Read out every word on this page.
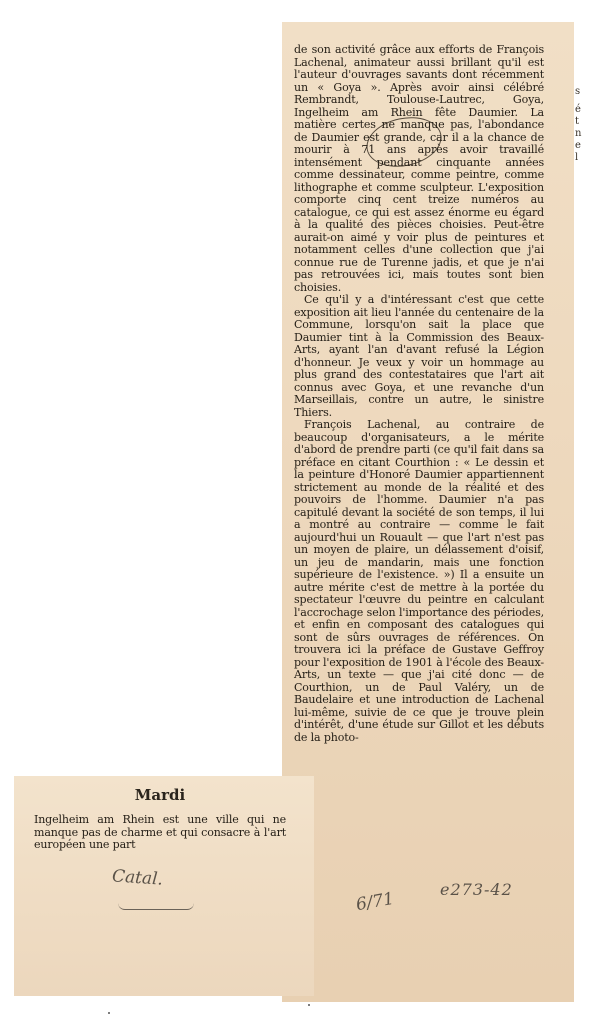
de son activité grâce aux efforts de François Lachenal, animateur aussi brillant qu'il est l'auteur d'ouvrages savants dont récemment un « Goya ». Après avoir ainsi célébré Rembrandt, Toulouse-Lautrec, Goya, Ingelheim am Rhein fête Daumier. La matière certes ne manque pas, l'abondance de Daumier est grande, car il a la chance de mourir à 71 ans après avoir travaillé intensément pendant cinquante années comme dessinateur, comme peintre, comme lithographe et comme sculpteur. L'exposition comporte cinq cent treize numéros au catalogue, ce qui est assez énorme eu égard à la qualité des pièces choisies. Peut-être aurait-on aimé y voir plus de peintures et notamment celles d'une collection que j'ai connue rue de Turenne jadis, et que je n'ai pas retrouvées ici, mais toutes sont bien choisies.

Ce qu'il y a d'intéressant c'est que cette exposition ait lieu l'année du centenaire de la Commune, lorsqu'on sait la place que Daumier tint à la Commission des Beaux-Arts, ayant l'an d'avant refusé la Légion d'honneur. Je veux y voir un hommage au plus grand des contestataires que l'art ait connus avec Goya, et une revanche d'un Marseillais, contre un autre, le sinistre Thiers.

François Lachenal, au contraire de beaucoup d'organisateurs, a le mérite d'abord de prendre parti (ce qu'il fait dans sa préface en citant Courthion : « Le dessin et la peinture d'Honoré Daumier appartiennent strictement au monde de la réalité et des pouvoirs de l'homme. Daumier n'a pas capitulé devant la société de son temps, il lui a montré au contraire — comme le fait aujourd'hui un Rouault — que l'art n'est pas un moyen de plaire, un délassement d'oisif, un jeu de mandarin, mais une fonction supérieure de l'existence. ») Il a ensuite un autre mérite c'est de mettre à la portée du spectateur l'œuvre du peintre en calculant l'accrochage selon l'importance des périodes, et enfin en composant des catalogues qui sont de sûrs ouvrages de références. On trouvera ici la préface de Gustave Geffroy pour l'exposition de 1901 à l'école des Beaux-Arts, un texte — que j'ai cité donc — de Courthion, un de Paul Valéry, un de Baudelaire et une introduction de Lachenal lui-même, suivie de ce que je trouve plein d'intérêt, d'une étude sur Gillot et les débuts de la photo-

Mardi

Ingelheim am Rhein est une ville qui ne manque pas de charme et qui consacre à l'art européen une part

Catal.
6/71	e273-42
s
é
t
n
e
l
